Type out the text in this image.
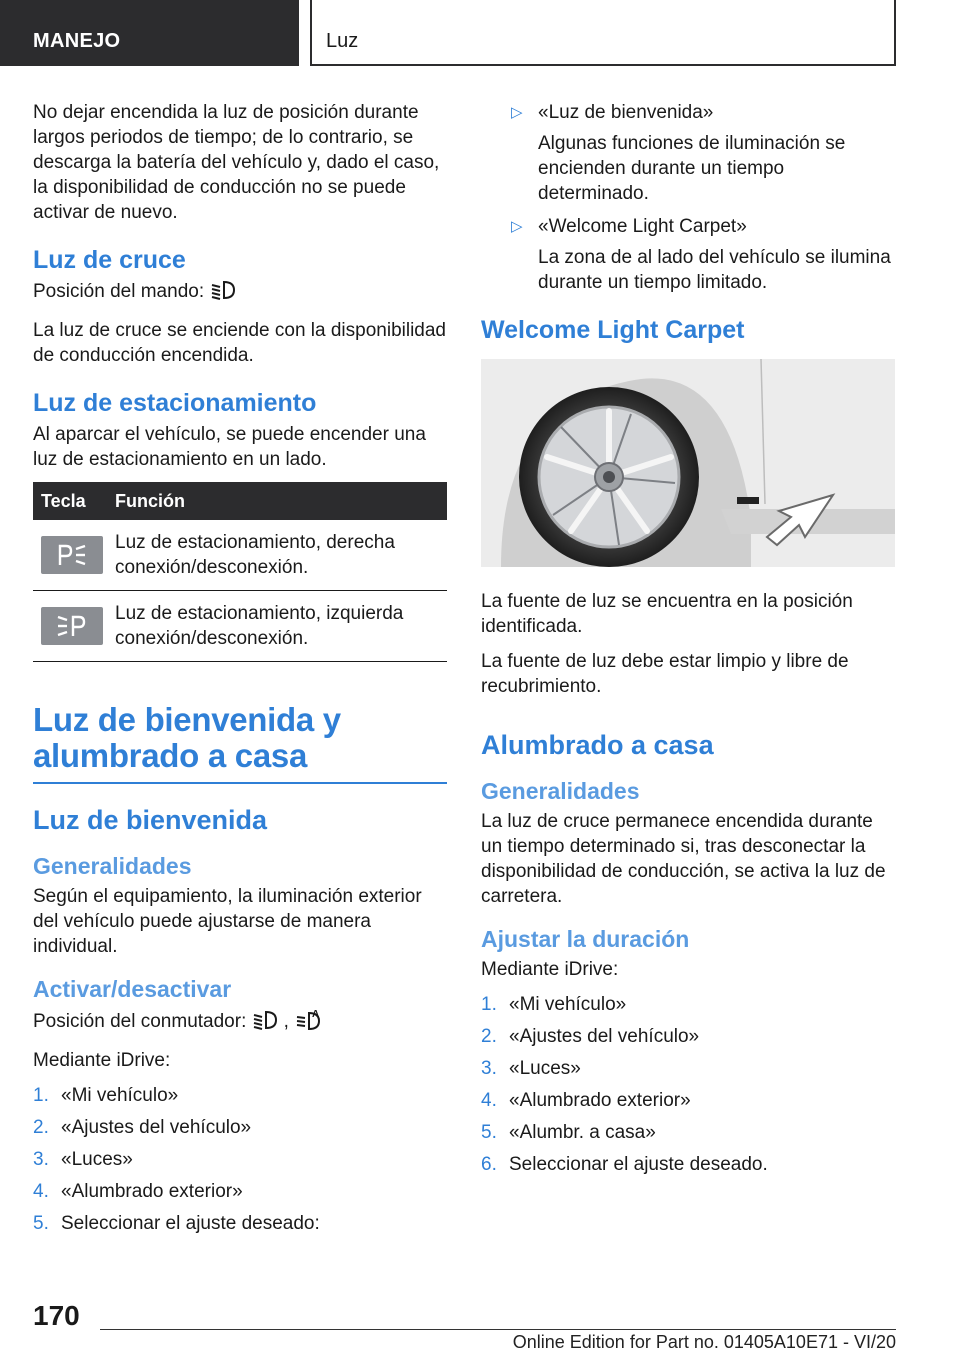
MANEJO	Luz

No dejar encendida la luz de posición durante largos periodos de tiempo; de lo contrario, se descarga la batería del vehículo y, dado el caso, la disponibilidad de conducción no se puede activar de nuevo.

Luz de cruce

Posición del mando:

La luz de cruce se enciende con la disponibilidad de conducción encendida.

Luz de estacionamiento

Al aparcar el vehículo, se puede encender una luz de estacionamiento en un lado.

Tecla	Función

	Luz de estacionamiento, derecha conexión/desconexión.

	Luz de estacionamiento, izquierda conexión/desconexión.
Luz de bienvenida y alumbrado a casa
Luz de bienvenida
Generalidades

Según el equipamiento, la iluminación exterior del vehículo puede ajustarse de manera individual.

Activar/desactivar

Posición del conmutador: , A

Mediante iDrive:

1. «Mi vehículo»
2. «Ajustes del vehículo»
3. «Luces»
4. «Alumbrado exterior»
5. Seleccionar el ajuste deseado:
▷ «Luz de bienvenida»
Algunas funciones de iluminación se encienden durante un tiempo determinado.
▷ «Welcome Light Carpet»
La zona de al lado del vehículo se ilumina durante un tiempo limitado.
Welcome Light Carpet

La fuente de luz se encuentra en la posición identificada.

La fuente de luz debe estar limpio y libre de recubrimiento.

Alumbrado a casa
Generalidades

La luz de cruce permanece encendida durante un tiempo determinado si, tras desconectar la disponibilidad de conducción, se activa la luz de carretera.

Ajustar la duración

Mediante iDrive:

1. «Mi vehículo»
2. «Ajustes del vehículo»
3. «Luces»
4. «Alumbrado exterior»
5. «Alumbr. a casa»
6. Seleccionar el ajuste deseado.
170
Online Edition for Part no. 01405A10E71 - VI/20
